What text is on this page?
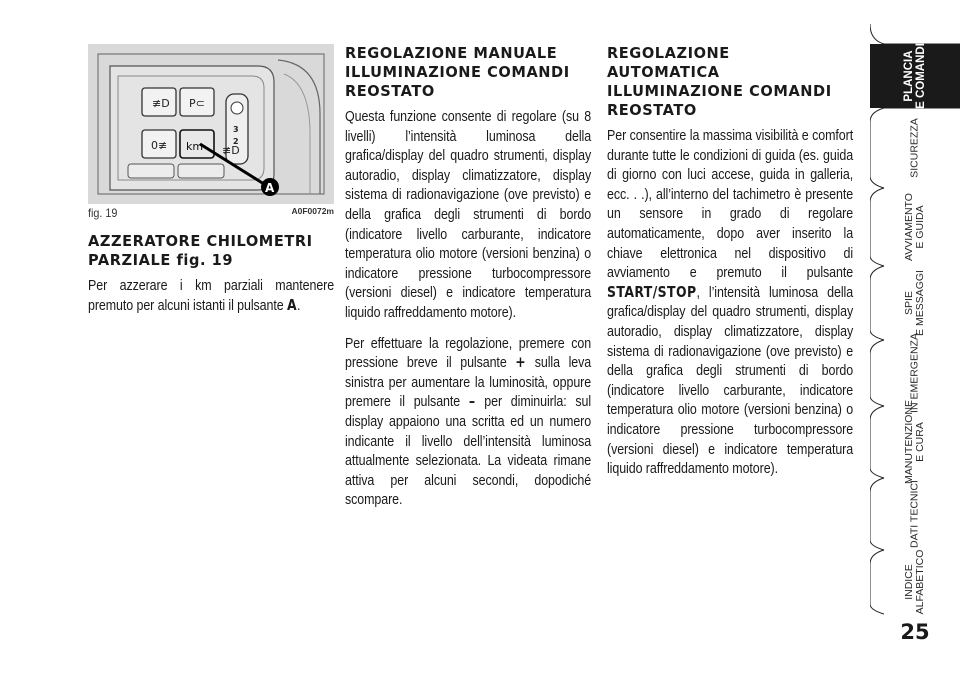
≢D P⊂
0≢ km
3
2
≢D
A
fig. 19	A0F0072m
AZZERATORE CHILOMETRI
PARZIALE fig. 19

Per azzerare i km parziali mantenere premuto per alcuni istanti il pulsante A.

REGOLAZIONE MANUALE
ILLUMINAZIONE COMANDI
REOSTATO

Questa funzione consente di regolare (su 8 livelli) l’intensità luminosa della grafica/display del quadro strumenti, display autoradio, display climatizzatore, display sistema di radionavigazione (ove previsto) e della grafica degli strumenti di bordo (indicatore livello carburante, indicatore temperatura olio motore (versioni benzina) o indicatore pressione turbocompressore (versioni diesel) e indicatore temperatura liquido raffreddamento motore).

Per effettuare la regolazione, premere con pressione breve il pulsante + sulla leva sinistra per aumentare la luminosità, oppure premere il pulsante – per diminuirla: sul display appaiono una scritta ed un numero indicante il livello dell’intensità luminosa attualmente selezionata. La videata rimane attiva per alcuni secondi, dopodiché scompare.

REGOLAZIONE AUTOMATICA
ILLUMINAZIONE COMANDI
REOSTATO

Per consentire la massima visibilità e comfort durante tutte le condizioni di guida (es. guida di giorno con luci accese, guida in galleria, ecc. . .), all’interno del tachimetro è presente un sensore in grado di regolare automaticamente, dopo aver inserito la chiave elettronica nel dispositivo di avviamento e premuto il pulsante START/STOP, l’intensità luminosa della grafica/display del quadro strumenti, display autoradio, display climatizzatore, display sistema di radionavigazione (ove previsto) e della grafica degli strumenti di bordo (indicatore livello carburante, indicatore temperatura olio motore (versioni benzina) o indicatore pressione turbocompressore (versioni diesel) e indicatore temperatura liquido raffreddamento motore).

PLANCIA
E COMANDI
SICUREZZA
AVVIAMENTO
E GUIDA
SPIE
E MESSAGGI
IN EMERGENZA
MANUTENZIONE
E CURA
DATI TECNICI
INDICE
ALFABETICO
25
